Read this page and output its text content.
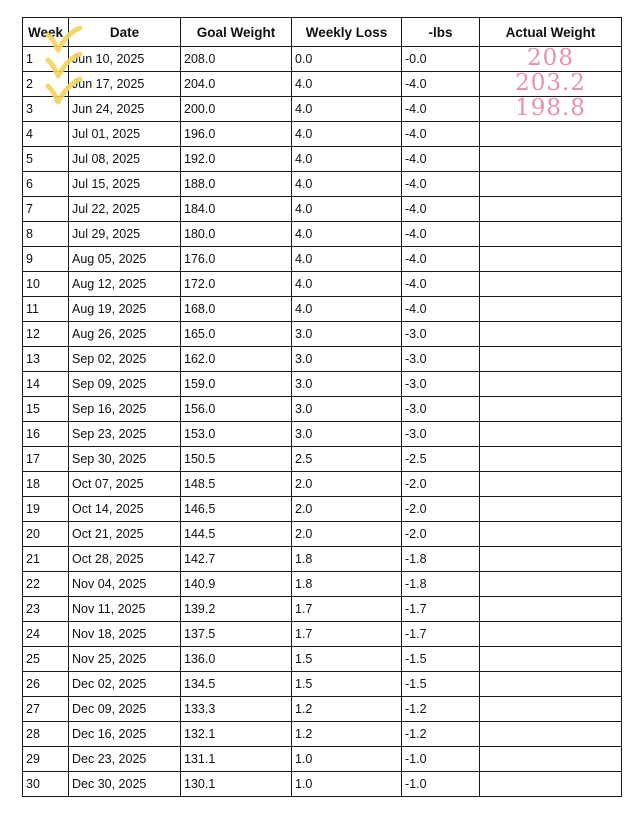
Week	Date	Goal Weight	Weekly Loss	-lbs	Actual Weight
1	Jun 10, 2025	208.0	0.0	-0.0	208

2	Jun 17, 2025	204.0	4.0	-4.0	203.2

3	Jun 24, 2025	200.0	4.0	-4.0	198.8

4	Jul 01, 2025	196.0	4.0	-4.0	
5	Jul 08, 2025	192.0	4.0	-4.0	
6	Jul 15, 2025	188.0	4.0	-4.0	
7	Jul 22, 2025	184.0	4.0	-4.0	
8	Jul 29, 2025	180.0	4.0	-4.0	
9	Aug 05, 2025	176.0	4.0	-4.0	
10	Aug 12, 2025	172.0	4.0	-4.0	
11	Aug 19, 2025	168.0	4.0	-4.0	
12	Aug 26, 2025	165.0	3.0	-3.0	
13	Sep 02, 2025	162.0	3.0	-3.0	
14	Sep 09, 2025	159.0	3.0	-3.0	
15	Sep 16, 2025	156.0	3.0	-3.0	
16	Sep 23, 2025	153.0	3.0	-3.0	
17	Sep 30, 2025	150.5	2.5	-2.5	
18	Oct 07, 2025	148.5	2.0	-2.0	
19	Oct 14, 2025	146.5	2.0	-2.0	
20	Oct 21, 2025	144.5	2.0	-2.0	
21	Oct 28, 2025	142.7	1.8	-1.8	
22	Nov 04, 2025	140.9	1.8	-1.8	
23	Nov 11, 2025	139.2	1.7	-1.7	
24	Nov 18, 2025	137.5	1.7	-1.7	
25	Nov 25, 2025	136.0	1.5	-1.5	
26	Dec 02, 2025	134.5	1.5	-1.5	
27	Dec 09, 2025	133.3	1.2	-1.2	
28	Dec 16, 2025	132.1	1.2	-1.2	
29	Dec 23, 2025	131.1	1.0	-1.0	
30	Dec 30, 2025	130.1	1.0	-1.0	
